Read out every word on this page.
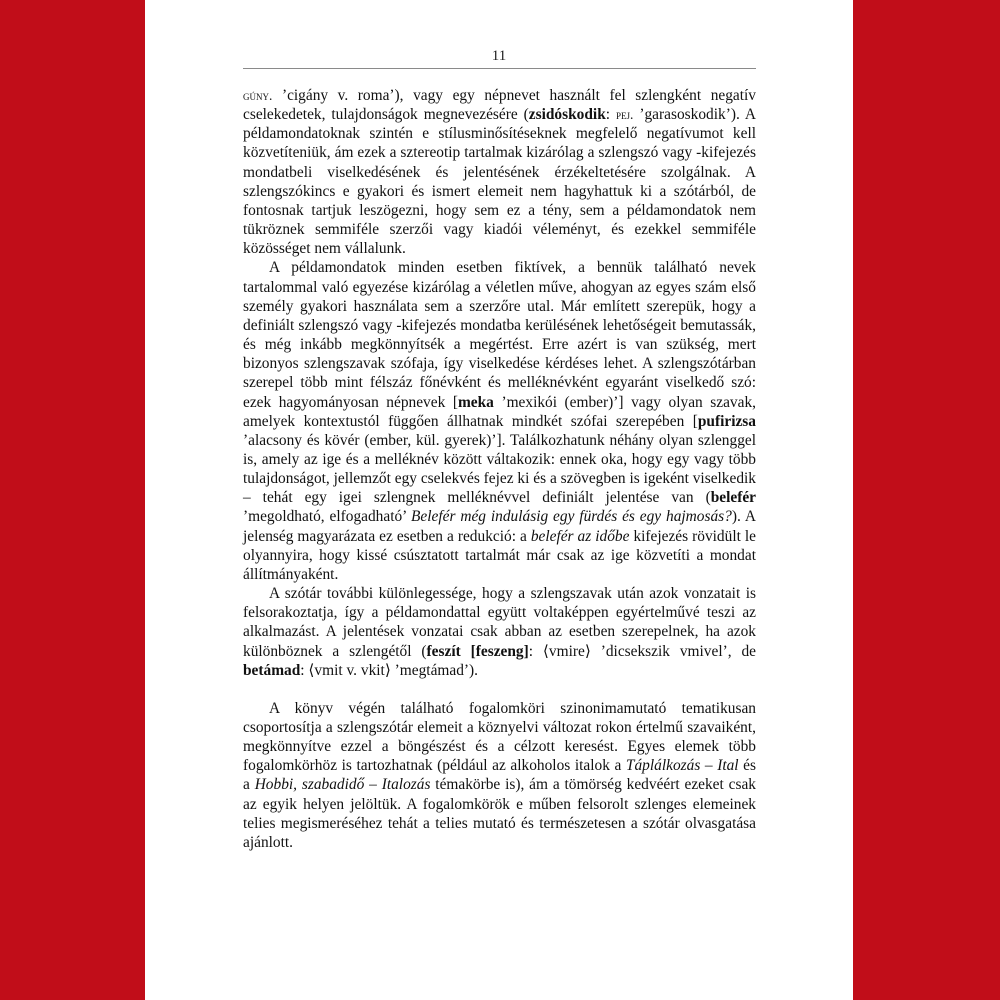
11

gúny. ’cigány v. roma’), vagy egy népnevet használt fel szlengként negatív cselekedetek, tulajdonságok megnevezésére (zsidóskodik: pej. ’garasoskodik’). A példamondatoknak szintén e stílusminősítéseknek megfelelő negatívumot kell közvetíteniük, ám ezek a sztereotip tartalmak kizárólag a szlengszó vagy -kifejezés mondatbeli viselkedésének és jelentésének érzékeltetésére szolgálnak. A szlengszókincs e gyakori és ismert elemeit nem hagyhattuk ki a szótárból, de fontosnak tartjuk leszögezni, hogy sem ez a tény, sem a példamondatok nem tükröznek semmiféle szerzői vagy kiadói véleményt, és ezekkel semmiféle közösséget nem vállalunk.

A példamondatok minden esetben fiktívek, a bennük található nevek tartalommal való egyezése kizárólag a véletlen műve, ahogyan az egyes szám első személy gyakori használata sem a szerzőre utal. Már említett szerepük, hogy a definiált szlengszó vagy -kifejezés mondatba kerülésének lehetőségeit bemutassák, és még inkább megkönnyítsék a megértést. Erre azért is van szükség, mert bizonyos szlengszavak szófaja, így viselkedése kérdéses lehet. A szlengszótárban szerepel több mint félszáz főnévként és melléknévként egyaránt viselkedő szó: ezek hagyományosan népnevek [meka ’mexikói (ember)’] vagy olyan szavak, amelyek kontextustól függően állhatnak mindkét szófai szerepében [pufirizsa ’alacsony és kövér (ember, kül. gyerek)’]. Találkozhatunk néhány olyan szlenggel is, amely az ige és a melléknév között váltakozik: ennek oka, hogy egy vagy több tulajdonságot, jellemzőt egy cselekvés fejez ki és a szövegben is igeként viselkedik – tehát egy igei szlengnek melléknévvel definiált jelentése van (belefér ’megoldható, elfogadható’ Belefér még indulásig egy fürdés és egy hajmosás?). A jelenség magyarázata ez esetben a redukció: a belefér az időbe kifejezés rövidült le olyannyira, hogy kissé csúsztatott tartalmát már csak az ige közvetíti a mondat állítmányaként.

A szótár további különlegessége, hogy a szlengszavak után azok vonzatait is felsorakoztatja, így a példamondattal együtt voltaképpen egyértelművé teszi az alkalmazást. A jelentések vonzatai csak abban az esetben szerepelnek, ha azok különböznek a szlengétől (feszít [feszeng]: ⟨vmire⟩ ’dicsekszik vmivel’, de betámad: ⟨vmit v. vkit⟩ ’megtámad’).

A könyv végén található fogalomköri szinonimamutató tematikusan csoportosítja a szlengszótár elemeit a köznyelvi változat rokon értelmű szavaiként, megkönnyítve ezzel a böngészést és a célzott keresést. Egyes elemek több fogalomkörhöz is tartozhatnak (például az alkoholos italok a Táplálkozás – Ital és a Hobbi, szabadidő – Italozás témakörbe is), ám a tömörség kedvéért ezeket csak az egyik helyen jelöltük. A fogalomkörök e műben felsorolt szlenges elemeinek telies megismeréséhez tehát a telies mutató és természetesen a szótár olvasgatása ajánlott.
